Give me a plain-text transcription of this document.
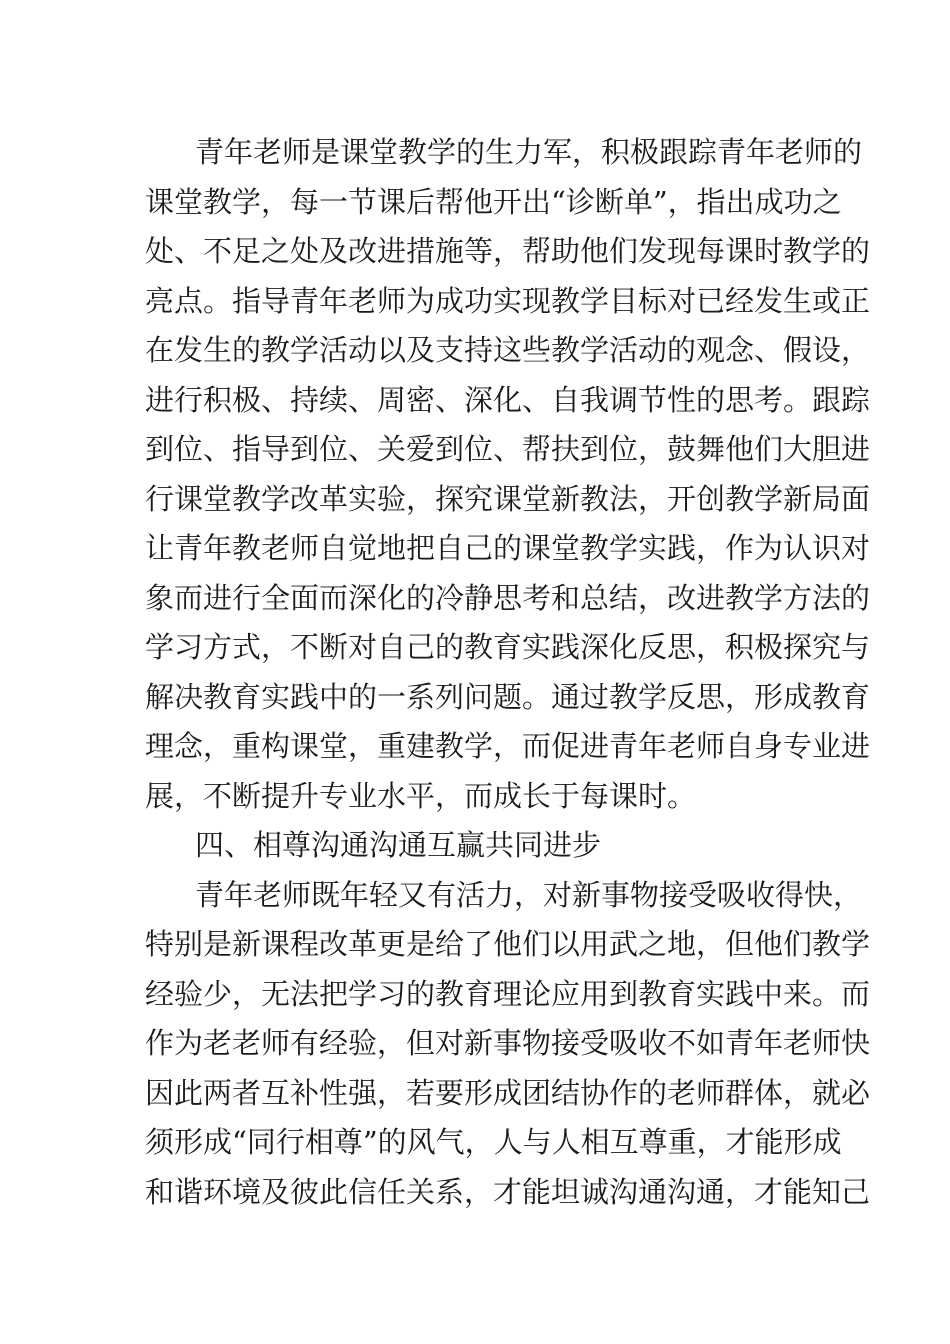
青年老师是课堂教学的生力军，积极跟踪青年老师的
课堂教学，每一节课后帮他开出“诊断单”，指出成功之
处、不足之处及改进措施等，帮助他们发现每课时教学的
亮点。指导青年老师为成功实现教学目标对已经发生或正
在发生的教学活动以及支持这些教学活动的观念、假设，
进行积极、持续、周密、深化、自我调节性的思考。跟踪
到位、指导到位、关爱到位、帮扶到位，鼓舞他们大胆进
行课堂教学改革实验，探究课堂新教法，开创教学新局面
让青年教老师自觉地把自己的课堂教学实践，作为认识对
象而进行全面而深化的冷静思考和总结，改进教学方法的
学习方式，不断对自己的教育实践深化反思，积极探究与
解决教育实践中的一系列问题。通过教学反思，形成教育
理念，重构课堂，重建教学，而促进青年老师自身专业进
展，不断提升专业水平，而成长于每课时。
四、相尊沟通沟通互赢共同进步
青年老师既年轻又有活力，对新事物接受吸收得快，
特别是新课程改革更是给了他们以用武之地，但他们教学
经验少，无法把学习的教育理论应用到教育实践中来。而
作为老老师有经验，但对新事物接受吸收不如青年老师快
因此两者互补性强，若要形成团结协作的老师群体，就必
须形成“同行相尊”的风气，人与人相互尊重，才能形成
和谐环境及彼此信任关系，才能坦诚沟通沟通，才能知己
